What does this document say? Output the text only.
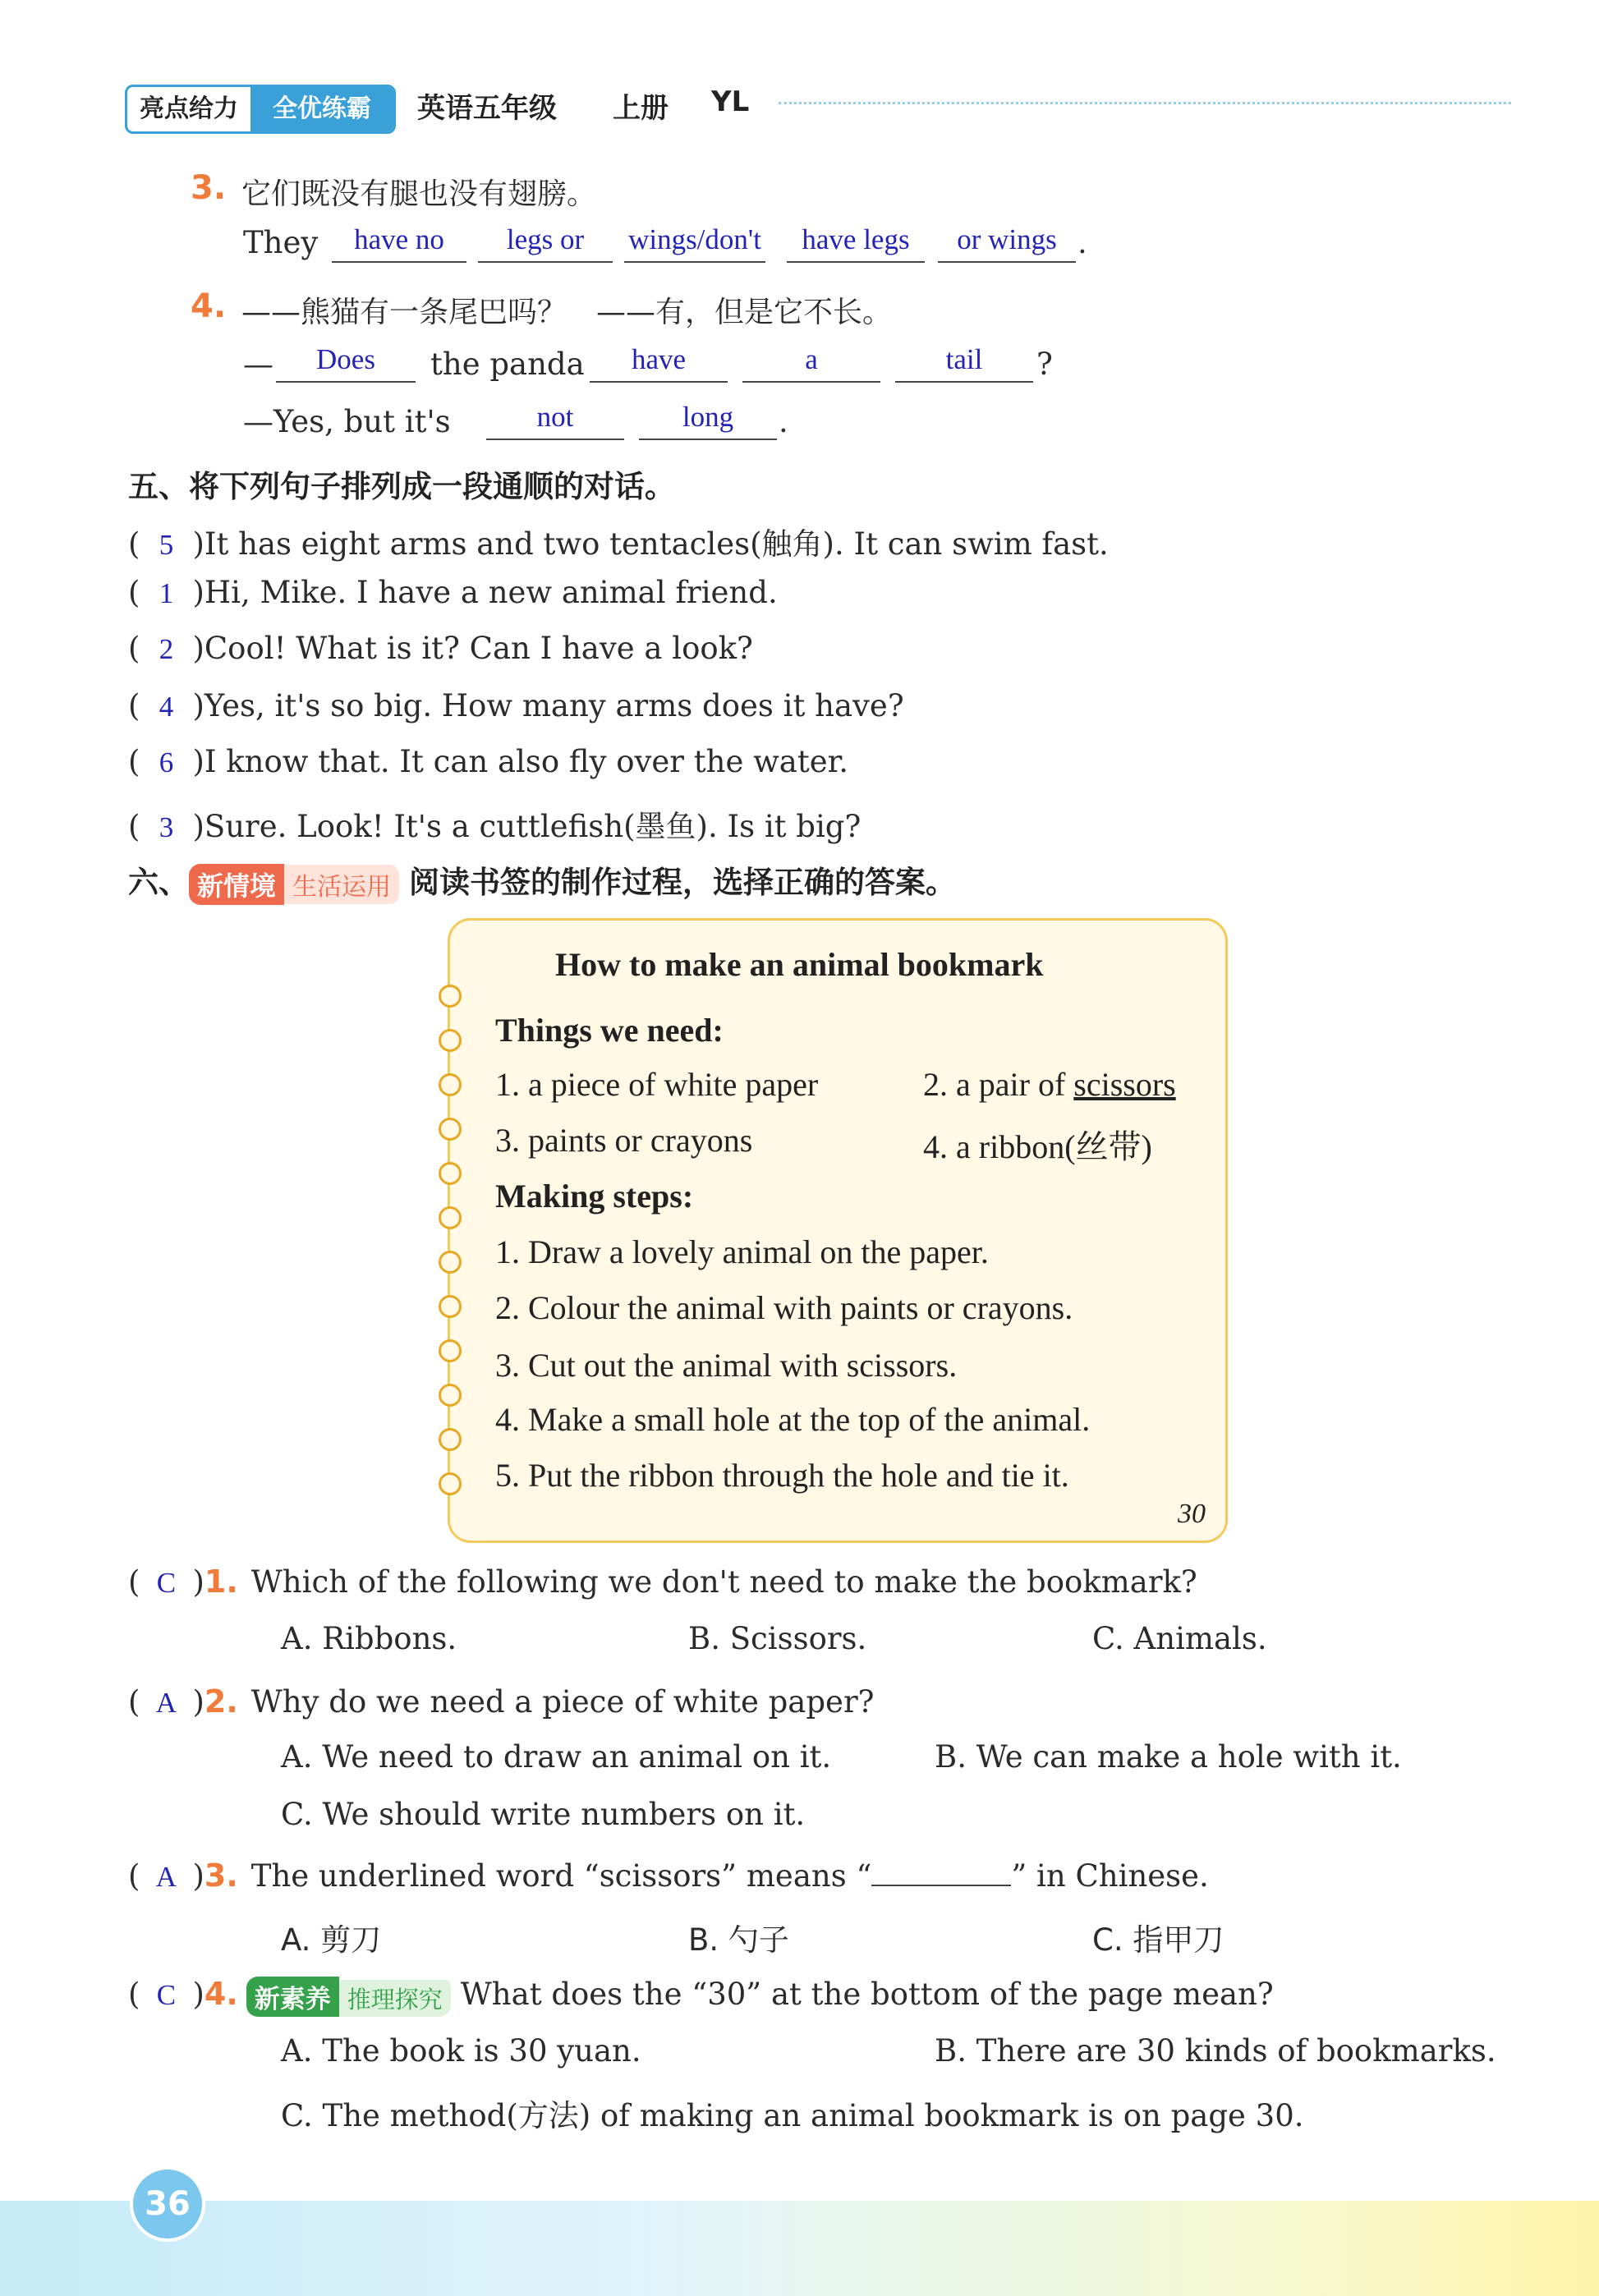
亮点给力	全优练霸	英语五年级 上册 YL
3. 它们既没有腿也没有翅膀。
They	have no	legs or	wings/don't	have legs	or wings .
4. ——熊猫有一条尾巴吗？　——有，但是它不长。
—	Does	the panda	have	a	tail	?
—Yes, but it's	not	long	.
五、将下列句子排列成一段通顺的对话。
( 5 )It has eight arms and two tentacles(触角). It can swim fast.
( 1 )Hi, Mike. I have a new animal friend.
( 2 )Cool! What is it? Can I have a look?
( 4 )Yes, it's so big. How many arms does it have?
( 6 )I know that. It can also fly over the water.
( 3 )Sure. Look! It's a cuttlefish(墨鱼). Is it big?
六、 新情境 生活运用 阅读书签的制作过程，选择正确的答案。
How to make an animal bookmark
Things we need:
1. a piece of white paper	2. a pair of scissors
3. paints or crayons	4. a ribbon(丝带)
Making steps:
1. Draw a lovely animal on the paper.
2. Colour the animal with paints or crayons.
3. Cut out the animal with scissors.
4. Make a small hole at the top of the animal.
5. Put the ribbon through the hole and tie it.
30
( C )1. Which of the following we don't need to make the bookmark?
A. Ribbons.	B. Scissors.	C. Animals.
( A )2. Why do we need a piece of white paper?
A. We need to draw an animal on it.	B. We can make a hole with it.
C. We should write numbers on it.
( A )3. The underlined word “scissors” means “	” in Chinese.
A. 剪刀	B. 勺子	C. 指甲刀
( C )4. 新素养 推理探究 What does the “30” at the bottom of the page mean?
A. The book is 30 yuan.	B. There are 30 kinds of bookmarks.
C. The method(方法) of making an animal bookmark is on page 30.
36
